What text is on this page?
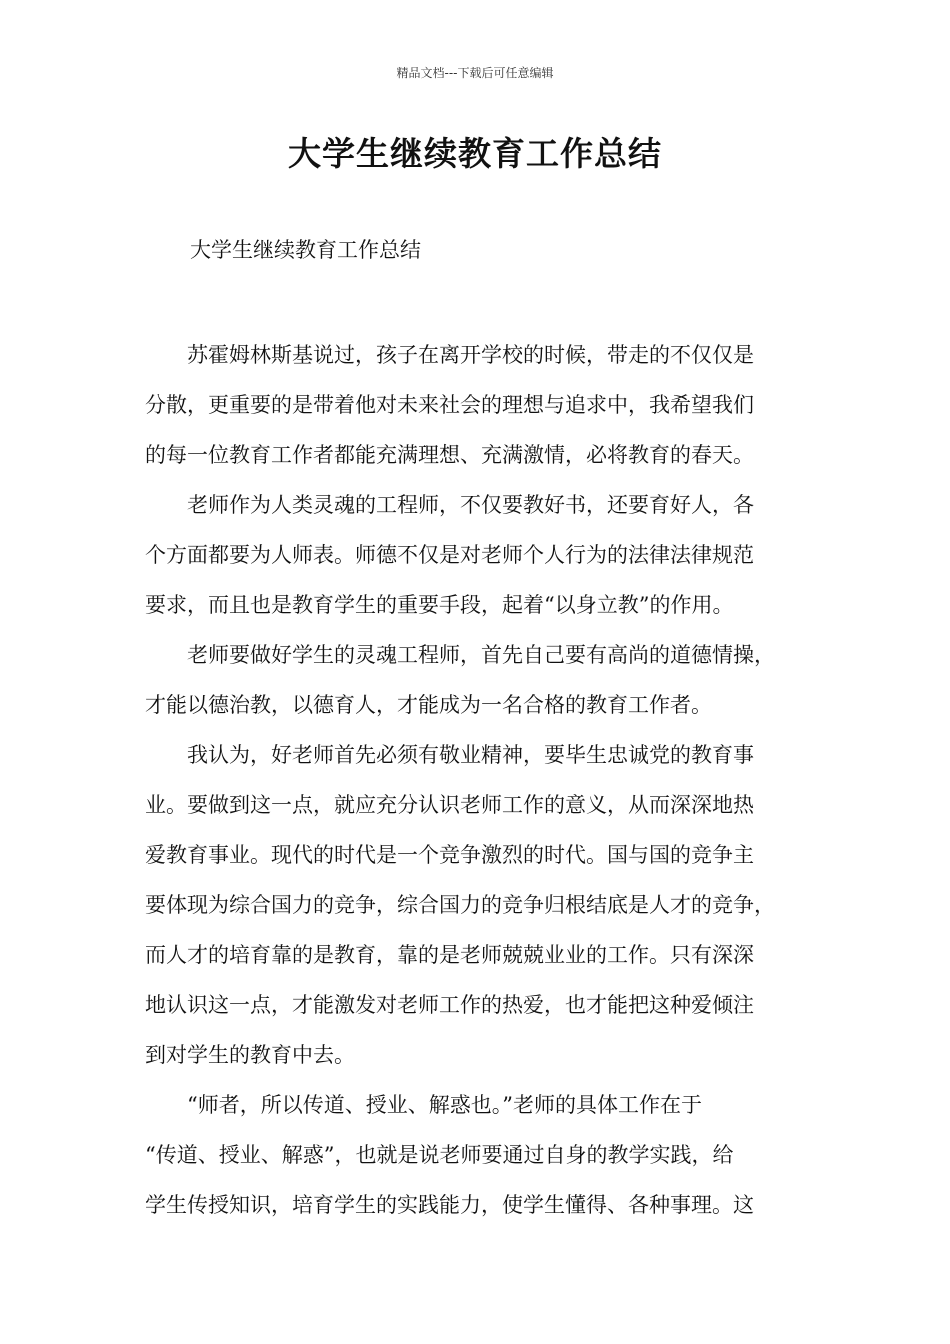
精品文档---下载后可任意编辑
大学生继续教育工作总结
大学生继续教育工作总结

苏霍姆林斯基说过，孩子在离开学校的时候，带走的不仅仅是
分散，更重要的是带着他对未来社会的理想与追求中，我希望我们
的每一位教育工作者都能充满理想、充满激情，必将教育的春天。

老师作为人类灵魂的工程师，不仅要教好书，还要育好人，各
个方面都要为人师表。师德不仅是对老师个人行为的法律法律规范
要求，而且也是教育学生的重要手段，起着“以身立教”的作用。

老师要做好学生的灵魂工程师，首先自己要有高尚的道德情操，
才能以德治教，以德育人，才能成为一名合格的教育工作者。

我认为，好老师首先必须有敬业精神，要毕生忠诚党的教育事
业。要做到这一点，就应充分认识老师工作的意义，从而深深地热
爱教育事业。现代的时代是一个竞争激烈的时代。国与国的竞争主
要体现为综合国力的竞争，综合国力的竞争归根结底是人才的竞争，
而人才的培育靠的是教育，靠的是老师兢兢业业的工作。只有深深
地认识这一点，才能激发对老师工作的热爱，也才能把这种爱倾注
到对学生的教育中去。

“师者，所以传道、授业、解惑也。”老师的具体工作在于
“传道、授业、解惑”，也就是说老师要通过自身的教学实践，给
学生传授知识，培育学生的实践能力，使学生懂得、各种事理。这
